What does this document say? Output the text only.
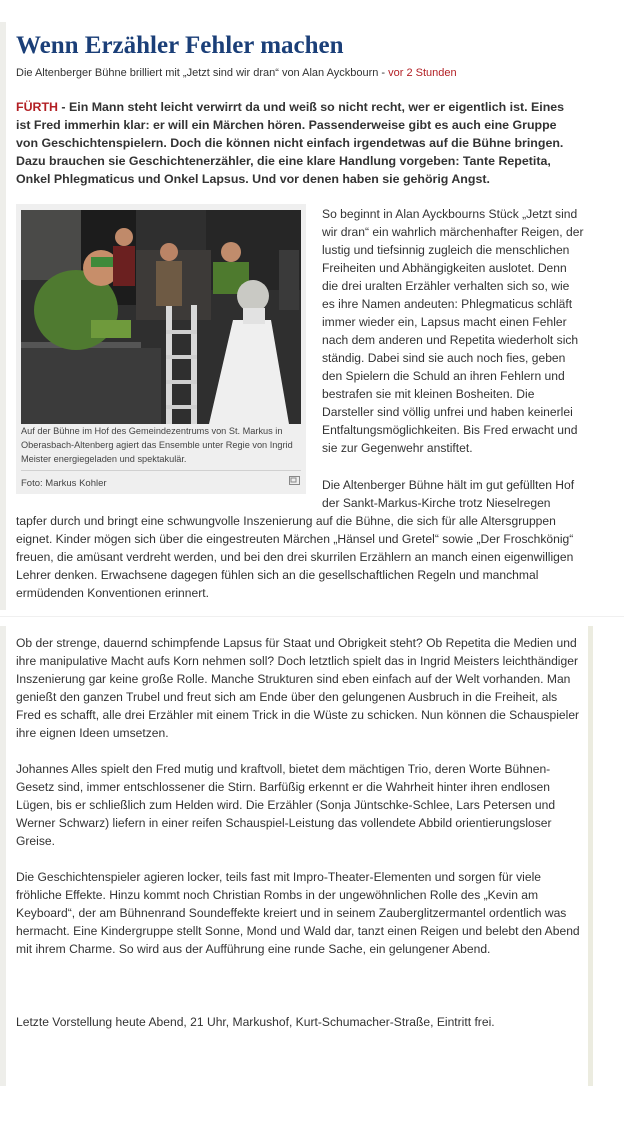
Wenn Erzähler Fehler machen
Die Altenberger Bühne brilliert mit „Jetzt sind wir dran“ von Alan Ayckbourn - vor 2 Stunden

FÜRTH - Ein Mann steht leicht verwirrt da und weiß so nicht recht, wer er eigentlich ist. Eines ist Fred immerhin klar: er will ein Märchen hören. Passenderweise gibt es auch eine Gruppe von Geschichtenspielern. Doch die können nicht einfach irgendetwas auf die Bühne bringen. Dazu brauchen sie Geschichtenerzähler, die eine klare Handlung vorgeben: Tante Repetita, Onkel Phlegmaticus und Onkel Lapsus. Und vor denen haben sie gehörig Angst.

Auf der Bühne im Hof des Gemeindezentrums von St. Markus in Oberasbach-Altenberg agiert das Ensemble unter Regie von Ingrid Meister energiegeladen und spektakulär.

Foto: Markus Kohler

So beginnt in Alan Ayckbourns Stück „Jetzt sind wir dran“ ein wahrlich märchenhafter Reigen, der lustig und tiefsinnig zugleich die menschlichen Freiheiten und Abhängigkeiten auslotet. Denn die drei uralten Erzähler verhalten sich so, wie es ihre Namen andeuten: Phlegmaticus schläft immer wieder ein, Lapsus macht einen Fehler nach dem anderen und Repetita wiederholt sich ständig. Dabei sind sie auch noch fies, geben den Spielern die Schuld an ihren Fehlern und bestrafen sie mit kleinen Bosheiten. Die Darsteller sind völlig unfrei und haben keinerlei Entfaltungsmöglichkeiten. Bis Fred erwacht und sie zur Gegenwehr anstiftet.

Die Altenberger Bühne hält im gut gefüllten Hof der Sankt-Markus-Kirche trotz Nieselregen tapfer durch und bringt eine schwungvolle Inszenierung auf die Bühne, die sich für alle Altersgruppen eignet. Kinder mögen sich über die eingestreuten Märchen „Hänsel und Gretel“ sowie „Der Froschkönig“ freuen, die amüsant verdreht werden, und bei den drei skurrilen Erzählern an manch einen eigenwilligen Lehrer denken. Erwachsene dagegen fühlen sich an die gesellschaftlichen Regeln und manchmal ermüdenden Konventionen erinnert.

Ob der strenge, dauernd schimpfende Lapsus für Staat und Obrigkeit steht? Ob Repetita die Medien und ihre manipulative Macht aufs Korn nehmen soll? Doch letztlich spielt das in Ingrid Meisters leichthändiger Inszenierung gar keine große Rolle. Manche Strukturen sind eben einfach auf der Welt vorhanden. Man genießt den ganzen Trubel und freut sich am Ende über den gelungenen Ausbruch in die Freiheit, als Fred es schafft, alle drei Erzähler mit einem Trick in die Wüste zu schicken. Nun können die Schauspieler ihre eignen Ideen umsetzen.

Johannes Alles spielt den Fred mutig und kraftvoll, bietet dem mächtigen Trio, deren Worte Bühnen-Gesetz sind, immer entschlossener die Stirn. Barfüßig erkennt er die Wahrheit hinter ihren endlosen Lügen, bis er schließlich zum Helden wird. Die Erzähler (Sonja Jüntschke-Schlee, Lars Petersen und Werner Schwarz) liefern in einer reifen Schauspiel-Leistung das vollendete Abbild orientierungsloser Greise.

Die Geschichtenspieler agieren locker, teils fast mit Impro-Theater-Elementen und sorgen für viele fröhliche Effekte. Hinzu kommt noch Christian Rombs in der ungewöhnlichen Rolle des „Kevin am Keyboard“, der am Bühnenrand Soundeffekte kreiert und in seinem Zauberglitzermantel ordentlich was hermacht. Eine Kindergruppe stellt Sonne, Mond und Wald dar, tanzt einen Reigen und belebt den Abend mit ihrem Charme. So wird aus der Aufführung eine runde Sache, ein gelungener Abend.

Letzte Vorstellung heute Abend, 21 Uhr, Markushof, Kurt-Schumacher-Straße, Eintritt frei.
